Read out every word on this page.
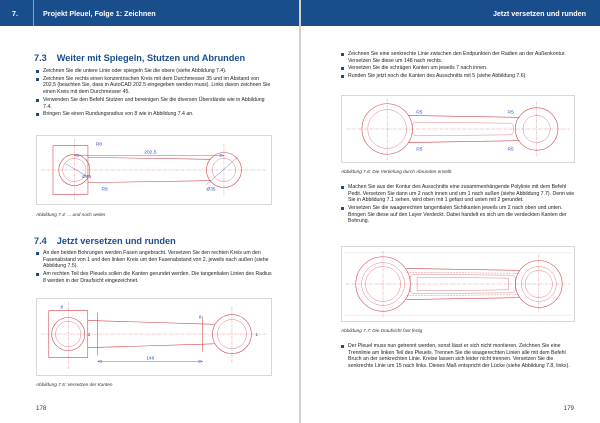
7.	Projekt Pleuel, Folge 1: Zeichnen
7.3 Weiter mit Spiegeln, Stutzen und Abrunden
Zeichnen Sie die untere Linie oder spiegeln Sie die obere (siehe Abbildung 7.4).
Zeichnen Sie rechts einen konzentrischen Kreis mit dem Durchmesser 35 und im Abstand von 202,5 (beachten Sie, dass in AutoCAD 202.5 eingegeben werden muss). Links davon zeichnen Sie einen Kreis mit dem Durchmesser 45.
Verwenden Sie den Befehl Stutzen und bereinigen Sie die diversen Überstände wie in Abbildung 7.4.
Bringen Sie einen Rundungsradius von 8 wie in Abbildung 7.4 an.
202,5
R8
Ø45
R8	Ø35
Abbildung 7.4: ... und noch weiter
7.4 Jetzt versetzen und runden
An den beiden Bohrungen werden Fasen angebracht. Versetzen Sie den rechten Kreis um den Fasenabstand von 1 und den linken Kreis um den Fasenabstand von 2, jeweils nach außen (siehe Abbildung 7.5).
Am rechten Teil des Pleuels sollen die Kanten gerundet werden. Die tangentialen Linien des Radius 8 werden in der Draufsicht eingezeichnet.
148
8
2
8
1
Abbildung 7.5: Versetzen der Kanten
178
Jetzt versetzen und runden
Zeichnen Sie eine senkrechte Linie zwischen den Endpunkten der Radien an der Außenkontur. Versetzen Sie diese um 148 nach rechts.
Versetzen Sie die schrägen Kanten um jeweils 7 nach innen.
Runden Sie jetzt noch die Kanten des Ausschnitts mit 5 (siehe Abbildung 7.6).
R5	R5
R5	R5
Abbildung 7.6: Die Vertiefung durch Abrunden erstellt
Machen Sie aus der Kontur des Ausschnitts eine zusammenhängende Polylinie mit dem Befehl Pedit. Versetzen Sie dann um 2 nach innen und um 1 nach außen (siehe Abbildung 7.7). Denn wie Sie in Abbildung 7.1 sehen, wird oben mit 1 gefast und unten mit 2 gerundet.
Versetzen Sie die waagerechten tangentialen Sichtkanten jeweils um 2 nach oben und unten. Bringen Sie diese auf den Layer Verdeckt. Dabei handelt es sich um die verdeckten Kanten der Bohrung.
Abbildung 7.7: Die Draufsicht fast fertig
Der Pleuel muss nun getrennt werden, sonst lässt er sich nicht montieren. Zeichnen Sie eine Trennlinie am linken Teil des Pleuels. Trennen Sie die waagerechten Linien alle mit dem Befehl Bruch an der senkrechten Linie. Kreise lassen sich leider nicht trennen. Versetzen Sie die senkrechte Linie um 15 nach links. Dieses Maß entspricht der Lücke (siehe Abbildung 7.8, links).
179
